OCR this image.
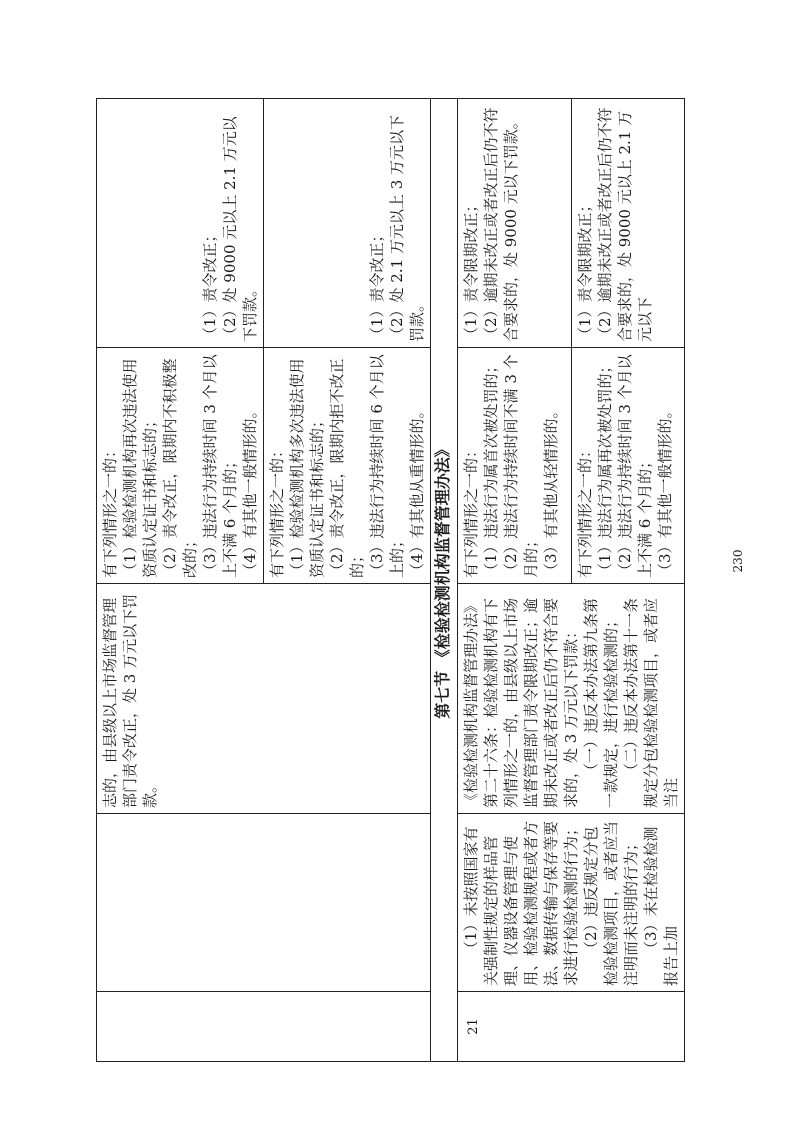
230
		志的，由县级以上市场监督管理部门责令改正，处 3 万元以下罚款。	有下列情形之一的： （1）检验检测机构再次违法使用资质认定证书和标志的； （2）责令改正，限期内不积极整改的； （3）违法行为持续时间 3 个月以上不满 6 个月的； （4）有其他一般情形的。	（1）责令改正； （2）处 9000 元以上 2.1 万元以下罚款。

			有下列情形之一的： （1）检验检测机构多次违法使用资质认定证书和标志的； （2）责令改正，限期内拒不改正的； （3）违法行为持续时间 6 个月以上的； （4）有其他从重情形的。	（1）责令改正； （2）处 2.1 万元以上 3 万元以下罚款。

第七节 《检验检测机构监督管理办法》				
21	（1）未按照国家有关强制性规定的样品管理、仪器设备管理与使用、检验检测规程或者方法、数据传输与保存等要求进行检验检测的行为； （2）违反规定分包检验检测项目，或者应当注明而未注明的行为； （3）未在检验检测报告上加	《检验检测机构监督管理办法》第二十六条：检验检测机构有下列情形之一的，由县级以上市场监督管理部门责令限期改正；逾期未改正或者改正后仍不符合要求的，处 3 万元以下罚款： （一）违反本办法第九条第一款规定，进行检验检测的； （二）违反本办法第十一条规定分包检验检测项目，或者应当注	有下列情形之一的： （1）违法行为属首次被处罚的； （2）违法行为持续时间不满 3 个月的； （3）有其他从轻情形的。	（1）责令限期改正； （2）逾期未改正或者改正后仍不符合要求的，处 9000 元以下罚款。

			有下列情形之一的： （1）违法行为属再次被处罚的； （2）违法行为持续时间 3 个月以上不满 6 个月的； （3）有其他一般情形的。	（1）责令限期改正； （2）逾期未改正或者改正后仍不符合要求的，处 9000 元以上 2.1 万元以下
